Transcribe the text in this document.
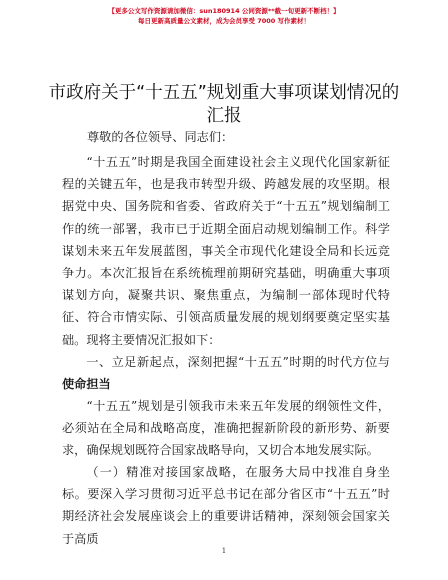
【更多公文写作资源请加微信：sun180914 公同资源**截一旬更新不断档！】
每日更新高质量公文素材，成为会员享受 7000 写作素材！
市政府关于“十五五”规划重大事项谋划情况的汇报
尊敬的各位领导、同志们：

“十五五”时期是我国全面建设社会主义现代化国家新征程的关键五年，也是我市转型升级、跨越发展的攻坚期。根据党中央、国务院和省委、省政府关于“十五五”规划编制工作的统一部署，我市已于近期全面启动规划编制工作。科学谋划未来五年发展蓝图，事关全市现代化建设全局和长远竞争力。本次汇报旨在系统梳理前期研究基础，明确重大事项谋划方向，凝聚共识、聚焦重点，为编制一部体现时代特征、符合市情实际、引领高质量发展的规划纲要奠定坚实基础。现将主要情况汇报如下：

一、立足新起点，深刻把握“十五五”时期的时代方位与使命担当

“十五五”规划是引领我市未来五年发展的纲领性文件，必须站在全局和战略高度，准确把握新阶段的新形势、新要求，确保规划既符合国家战略导向，又切合本地发展实际。

（一）精准对接国家战略，在服务大局中找准自身坐标。要深入学习贯彻习近平总书记在部分省区市“十五五”时期经济社会发展座谈会上的重要讲话精神，深刻领会国家关于高质

1
